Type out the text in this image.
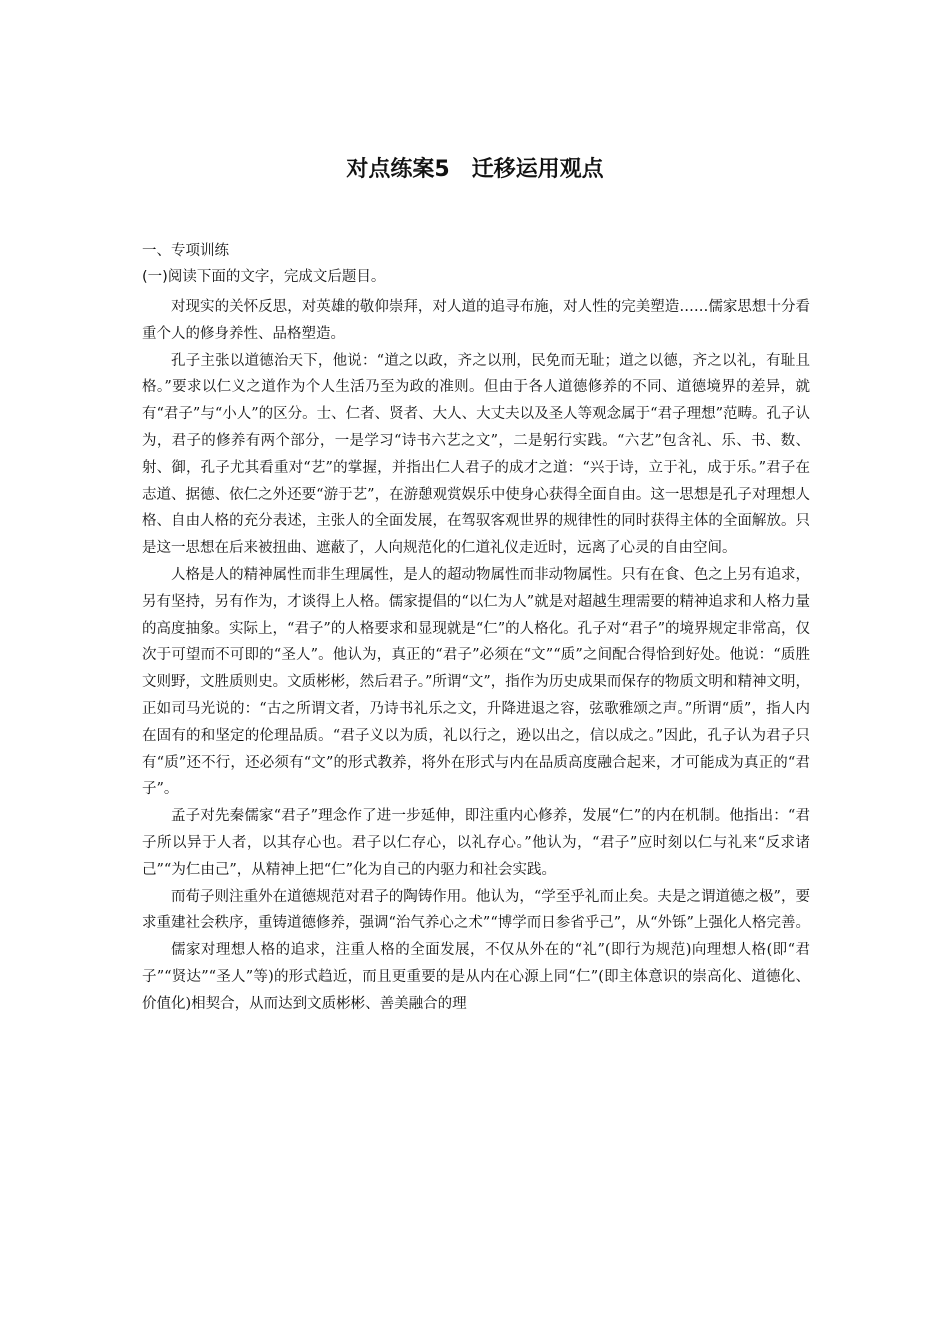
对点练案5　迁移运用观点

一、专项训练

(一)阅读下面的文字，完成文后题目。

对现实的关怀反思，对英雄的敬仰崇拜，对人道的追寻布施，对人性的完美塑造……儒家思想十分看重个人的修身养性、品格塑造。

孔子主张以道德治天下，他说：“道之以政，齐之以刑，民免而无耻；道之以德，齐之以礼，有耻且格。”要求以仁义之道作为个人生活乃至为政的准则。但由于各人道德修养的不同、道德境界的差异，就有“君子”与“小人”的区分。士、仁者、贤者、大人、大丈夫以及圣人等观念属于“君子理想”范畴。孔子认为，君子的修养有两个部分，一是学习“诗书六艺之文”，二是躬行实践。“六艺”包含礼、乐、书、数、射、御，孔子尤其看重对“艺”的掌握，并指出仁人君子的成才之道：“兴于诗，立于礼，成于乐。”君子在志道、据德、依仁之外还要“游于艺”，在游憩观赏娱乐中使身心获得全面自由。这一思想是孔子对理想人格、自由人格的充分表述，主张人的全面发展，在驾驭客观世界的规律性的同时获得主体的全面解放。只是这一思想在后来被扭曲、遮蔽了，人向规范化的仁道礼仪走近时，远离了心灵的自由空间。

人格是人的精神属性而非生理属性，是人的超动物属性而非动物属性。只有在食、色之上另有追求，另有坚持，另有作为，才谈得上人格。儒家提倡的“以仁为人”就是对超越生理需要的精神追求和人格力量的高度抽象。实际上，“君子”的人格要求和显现就是“仁”的人格化。孔子对“君子”的境界规定非常高，仅次于可望而不可即的“圣人”。他认为，真正的“君子”必须在“文”“质”之间配合得恰到好处。他说：“质胜文则野，文胜质则史。文质彬彬，然后君子。”所谓“文”，指作为历史成果而保存的物质文明和精神文明，正如司马光说的：“古之所谓文者，乃诗书礼乐之文，升降进退之容，弦歌雅颂之声。”所谓“质”，指人内在固有的和坚定的伦理品质。“君子义以为质，礼以行之，逊以出之，信以成之。”因此，孔子认为君子只有“质”还不行，还必须有“文”的形式教养，将外在形式与内在品质高度融合起来，才可能成为真正的“君子”。

孟子对先秦儒家“君子”理念作了进一步延伸，即注重内心修养，发展“仁”的内在机制。他指出：“君子所以异于人者，以其存心也。君子以仁存心，以礼存心。”他认为，“君子”应时刻以仁与礼来“反求诸己”“为仁由己”，从精神上把“仁”化为自己的内驱力和社会实践。

而荀子则注重外在道德规范对君子的陶铸作用。他认为，“学至乎礼而止矣。夫是之谓道德之极”，要求重建社会秩序，重铸道德修养，强调“治气养心之术”“博学而日参省乎己”，从“外铄”上强化人格完善。

儒家对理想人格的追求，注重人格的全面发展，不仅从外在的“礼”(即行为规范)向理想人格(即“君子”“贤达”“圣人”等)的形式趋近，而且更重要的是从内在心源上同“仁”(即主体意识的崇高化、道德化、价值化)相契合，从而达到文质彬彬、善美融合的理
